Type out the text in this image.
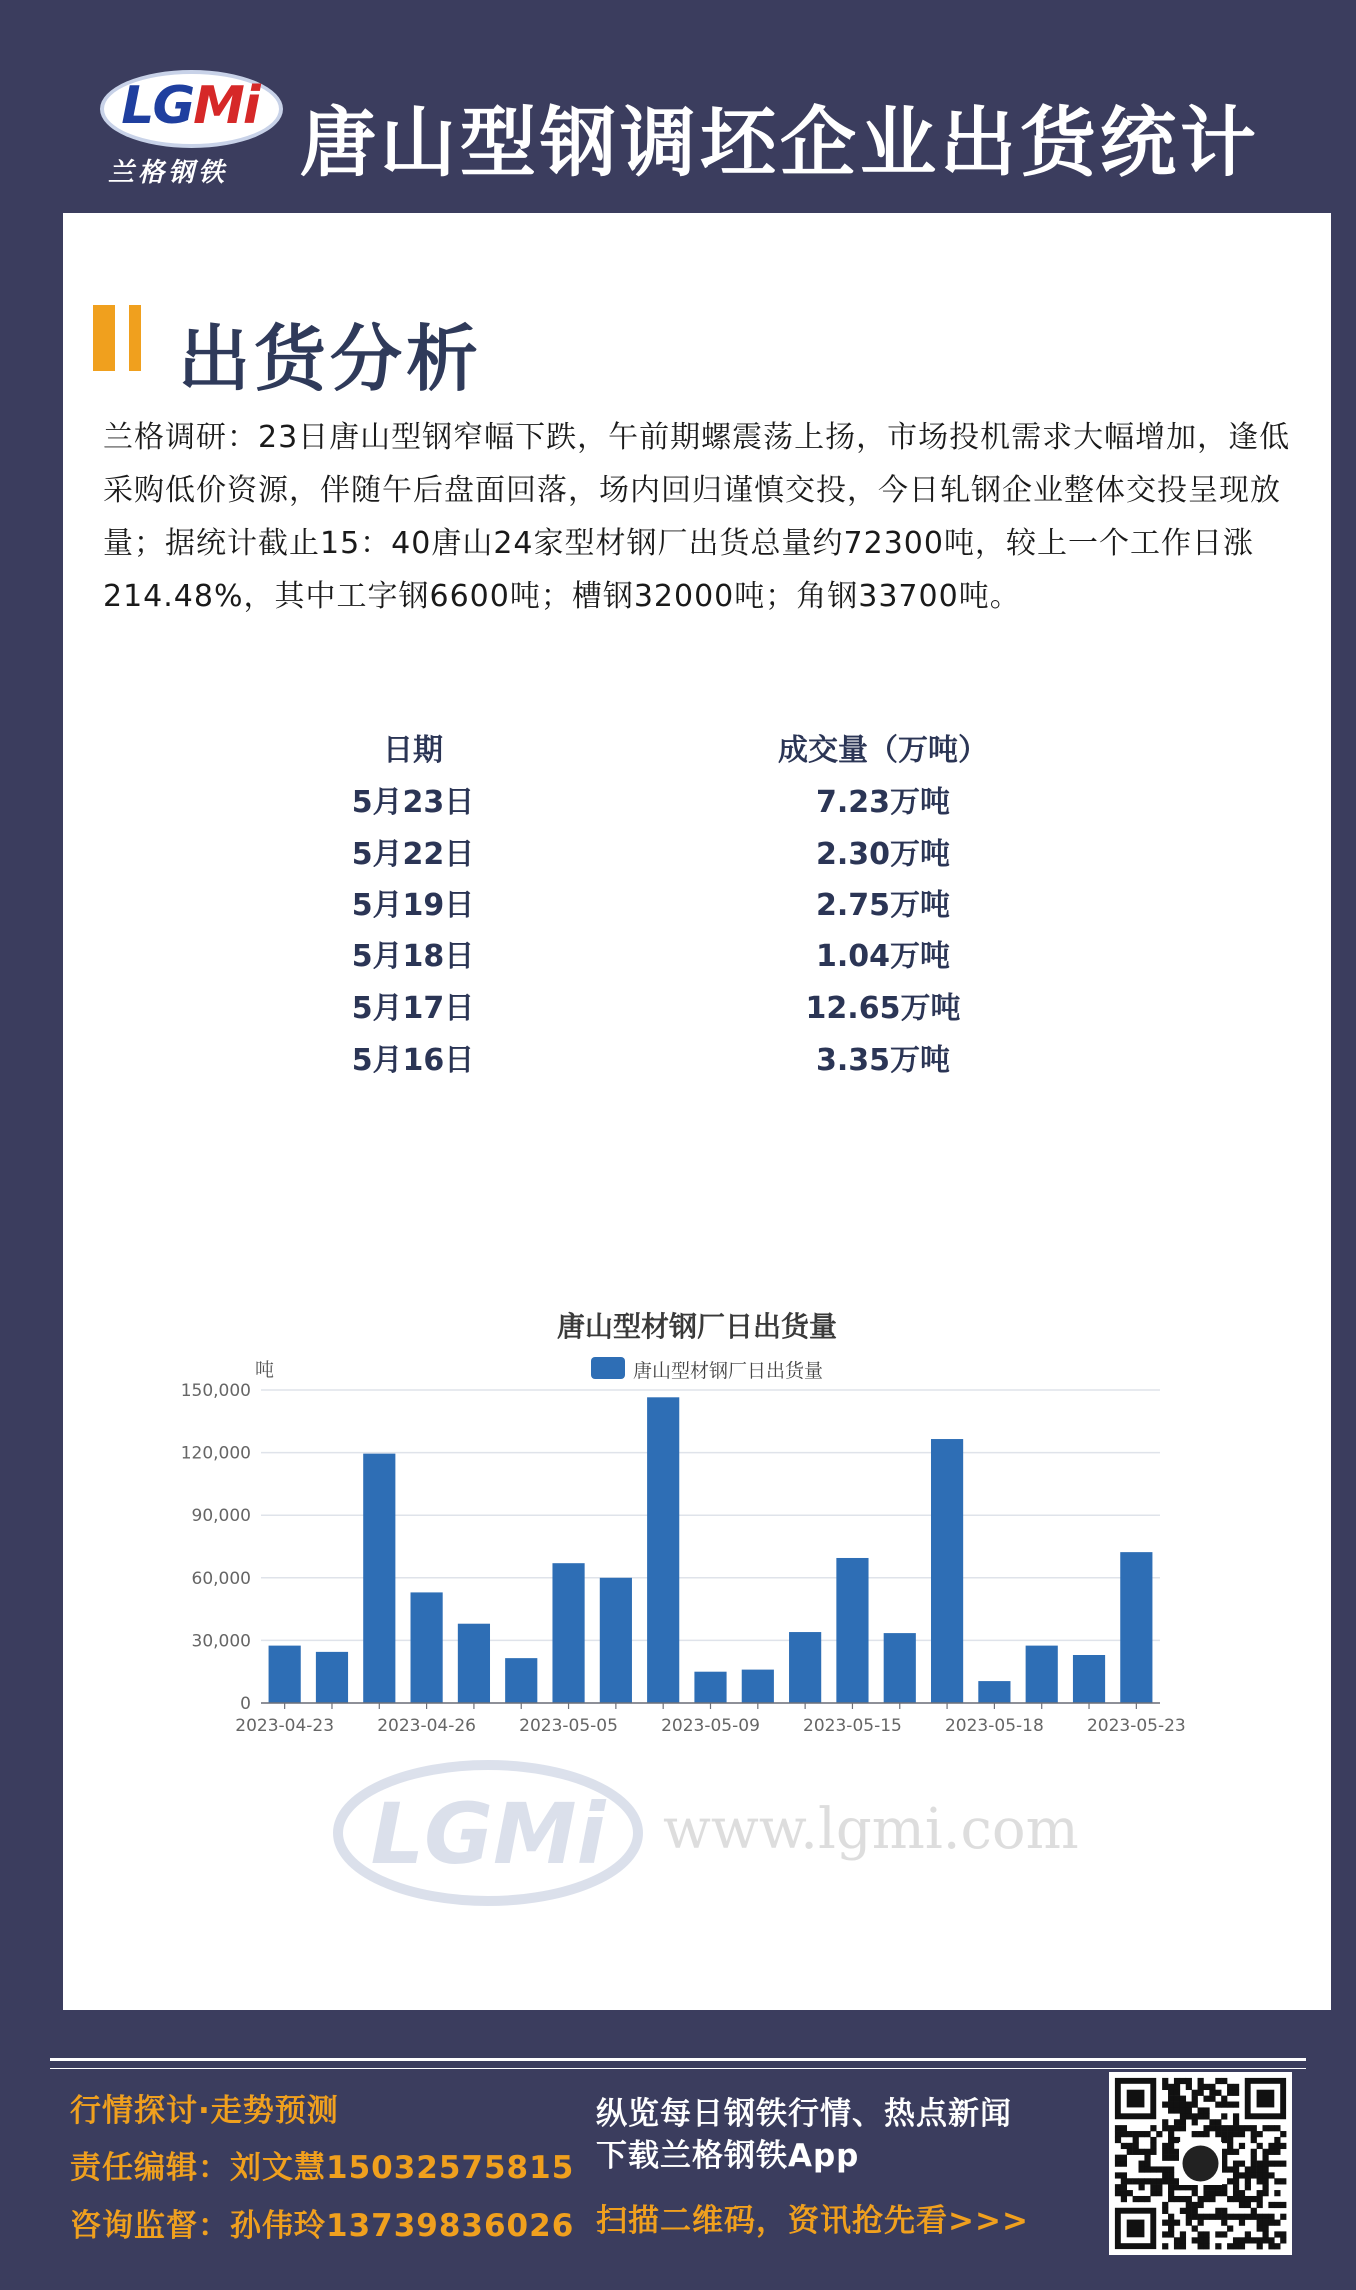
LGMi
兰格钢铁 唐山型钢调坯企业出货统计
出货分析
兰格调研：23日唐山型钢窄幅下跌，午前期螺震荡上扬，市场投机需求大幅增加，逢低采购低价资源，伴随午后盘面回落，场内回归谨慎交投，今日轧钢企业整体交投呈现放量；据统计截止15：40唐山24家型材钢厂出货总量约72300吨，较上一个工作日涨214.48%，其中工字钢6600吨；槽钢32000吨；角钢33700吨。
日期	成交量（万吨）
5月23日	7.23万吨
5月22日	2.30万吨
5月19日	2.75万吨
5月18日	1.04万吨
5月17日	12.65万吨
5月16日	3.35万吨
唐山型材钢厂日出货量
唐山型材钢厂日出货量
吨
LGMi www.lgmi.com
0
30,000
60,000
90,000
120,000
150,000
2023-04-23	2023-04-26	2023-05-05	2023-05-09	2023-05-15	2023-05-18	2023-05-23
行情探讨·走势预测
责任编辑：刘文慧15032575815
咨询监督：孙伟玲13739836026
纵览每日钢铁行情、热点新闻
下载兰格钢铁App
扫描二维码，资讯抢先看>>>
